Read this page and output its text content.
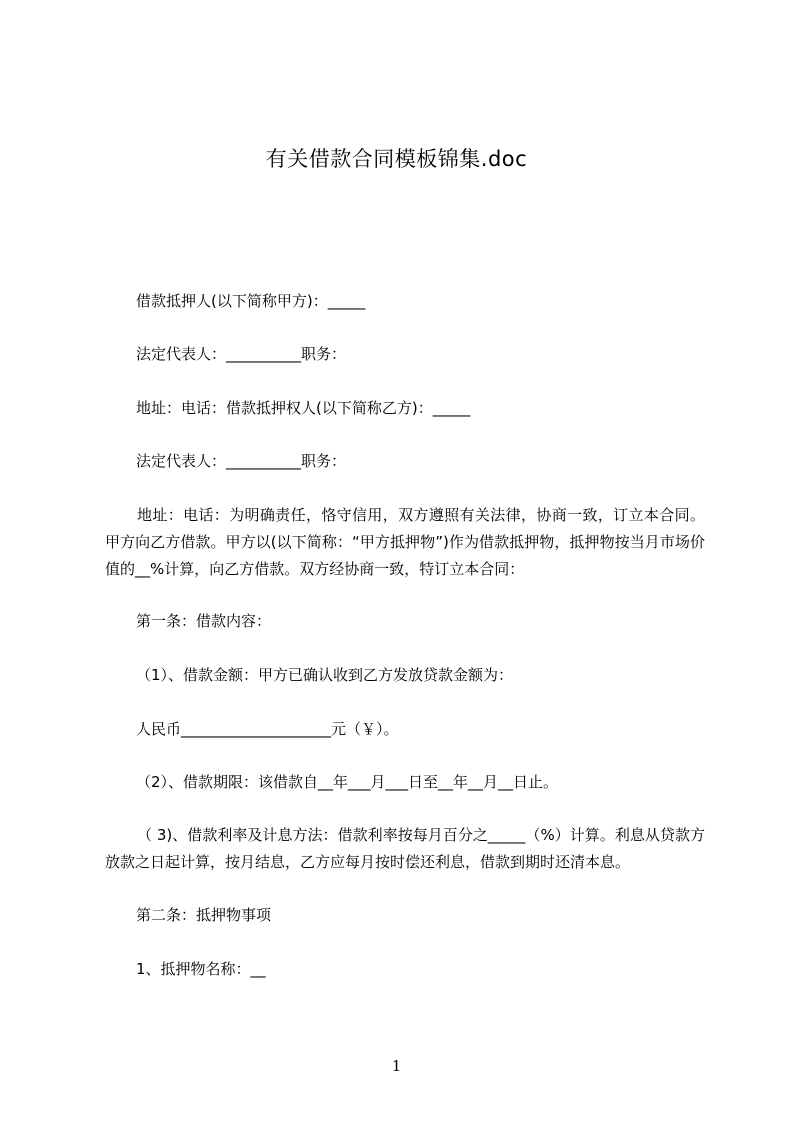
有关借款合同模板锦集.doc
借款抵押人(以下简称甲方)：_____
法定代表人：__________职务：
地址：电话：借款抵押权人(以下简称乙方)：_____
法定代表人：__________职务：
地址：电话：为明确责任，恪守信用，双方遵照有关法律，协商一致，订立本合同。甲方向乙方借款。甲方以(以下简称：“甲方抵押物”)作为借款抵押物，抵押物按当月市场价值的__%计算，向乙方借款。双方经协商一致，特订立本合同：
第一条：借款内容：
（1）、借款金额：甲方已确认收到乙方发放贷款金额为：
人民币____________________元（￥）。
（2）、借款期限：该借款自__年___月___日至__年__月__日止。
（ 3)、借款利率及计息方法：借款利率按每月百分之_____（%）计算。利息从贷款方放款之日起计算，按月结息，乙方应每月按时偿还利息，借款到期时还清本息。
第二条：抵押物事项
1、抵押物名称：__
1
